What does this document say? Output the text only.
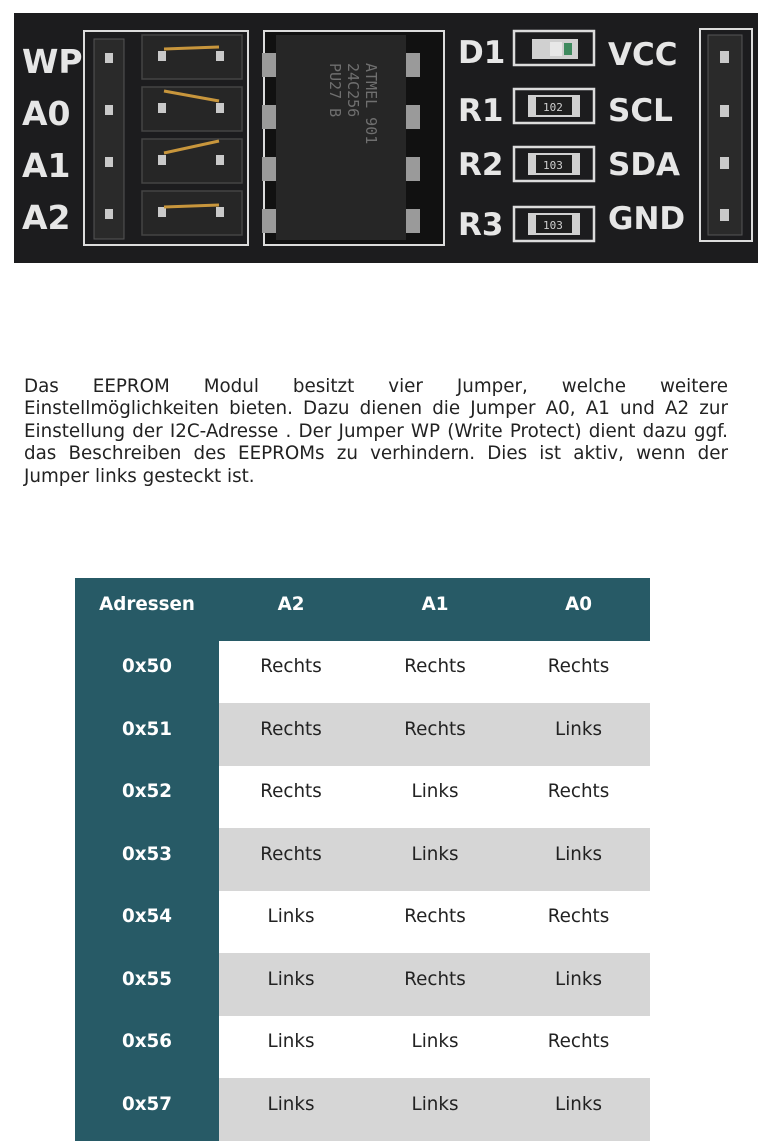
WP
A0
A1
A2
ATMEL 901
24C256
PU27 B
D1
R1
R2
R3
102
103
103
VCC
SCL
SDA
GND
Das EEPROM Modul besitzt vier Jumper, welche weitere Einstellmöglichkeiten bieten. Dazu dienen die Jumper A0, A1 und A2 zur Einstellung der I2C-Adresse . Der Jumper WP (Write Protect) dient dazu ggf. das Beschreiben des EEPROMs zu verhindern. Dies ist aktiv, wenn der Jumper links gesteckt ist.
Adressen	A2	A1	A0
0x50	Rechts	Rechts	Rechts
0x51	Rechts	Rechts	Links
0x52	Rechts	Links	Rechts
0x53	Rechts	Links	Links
0x54	Links	Rechts	Rechts
0x55	Links	Rechts	Links
0x56	Links	Links	Rechts
0x57	Links	Links	Links
